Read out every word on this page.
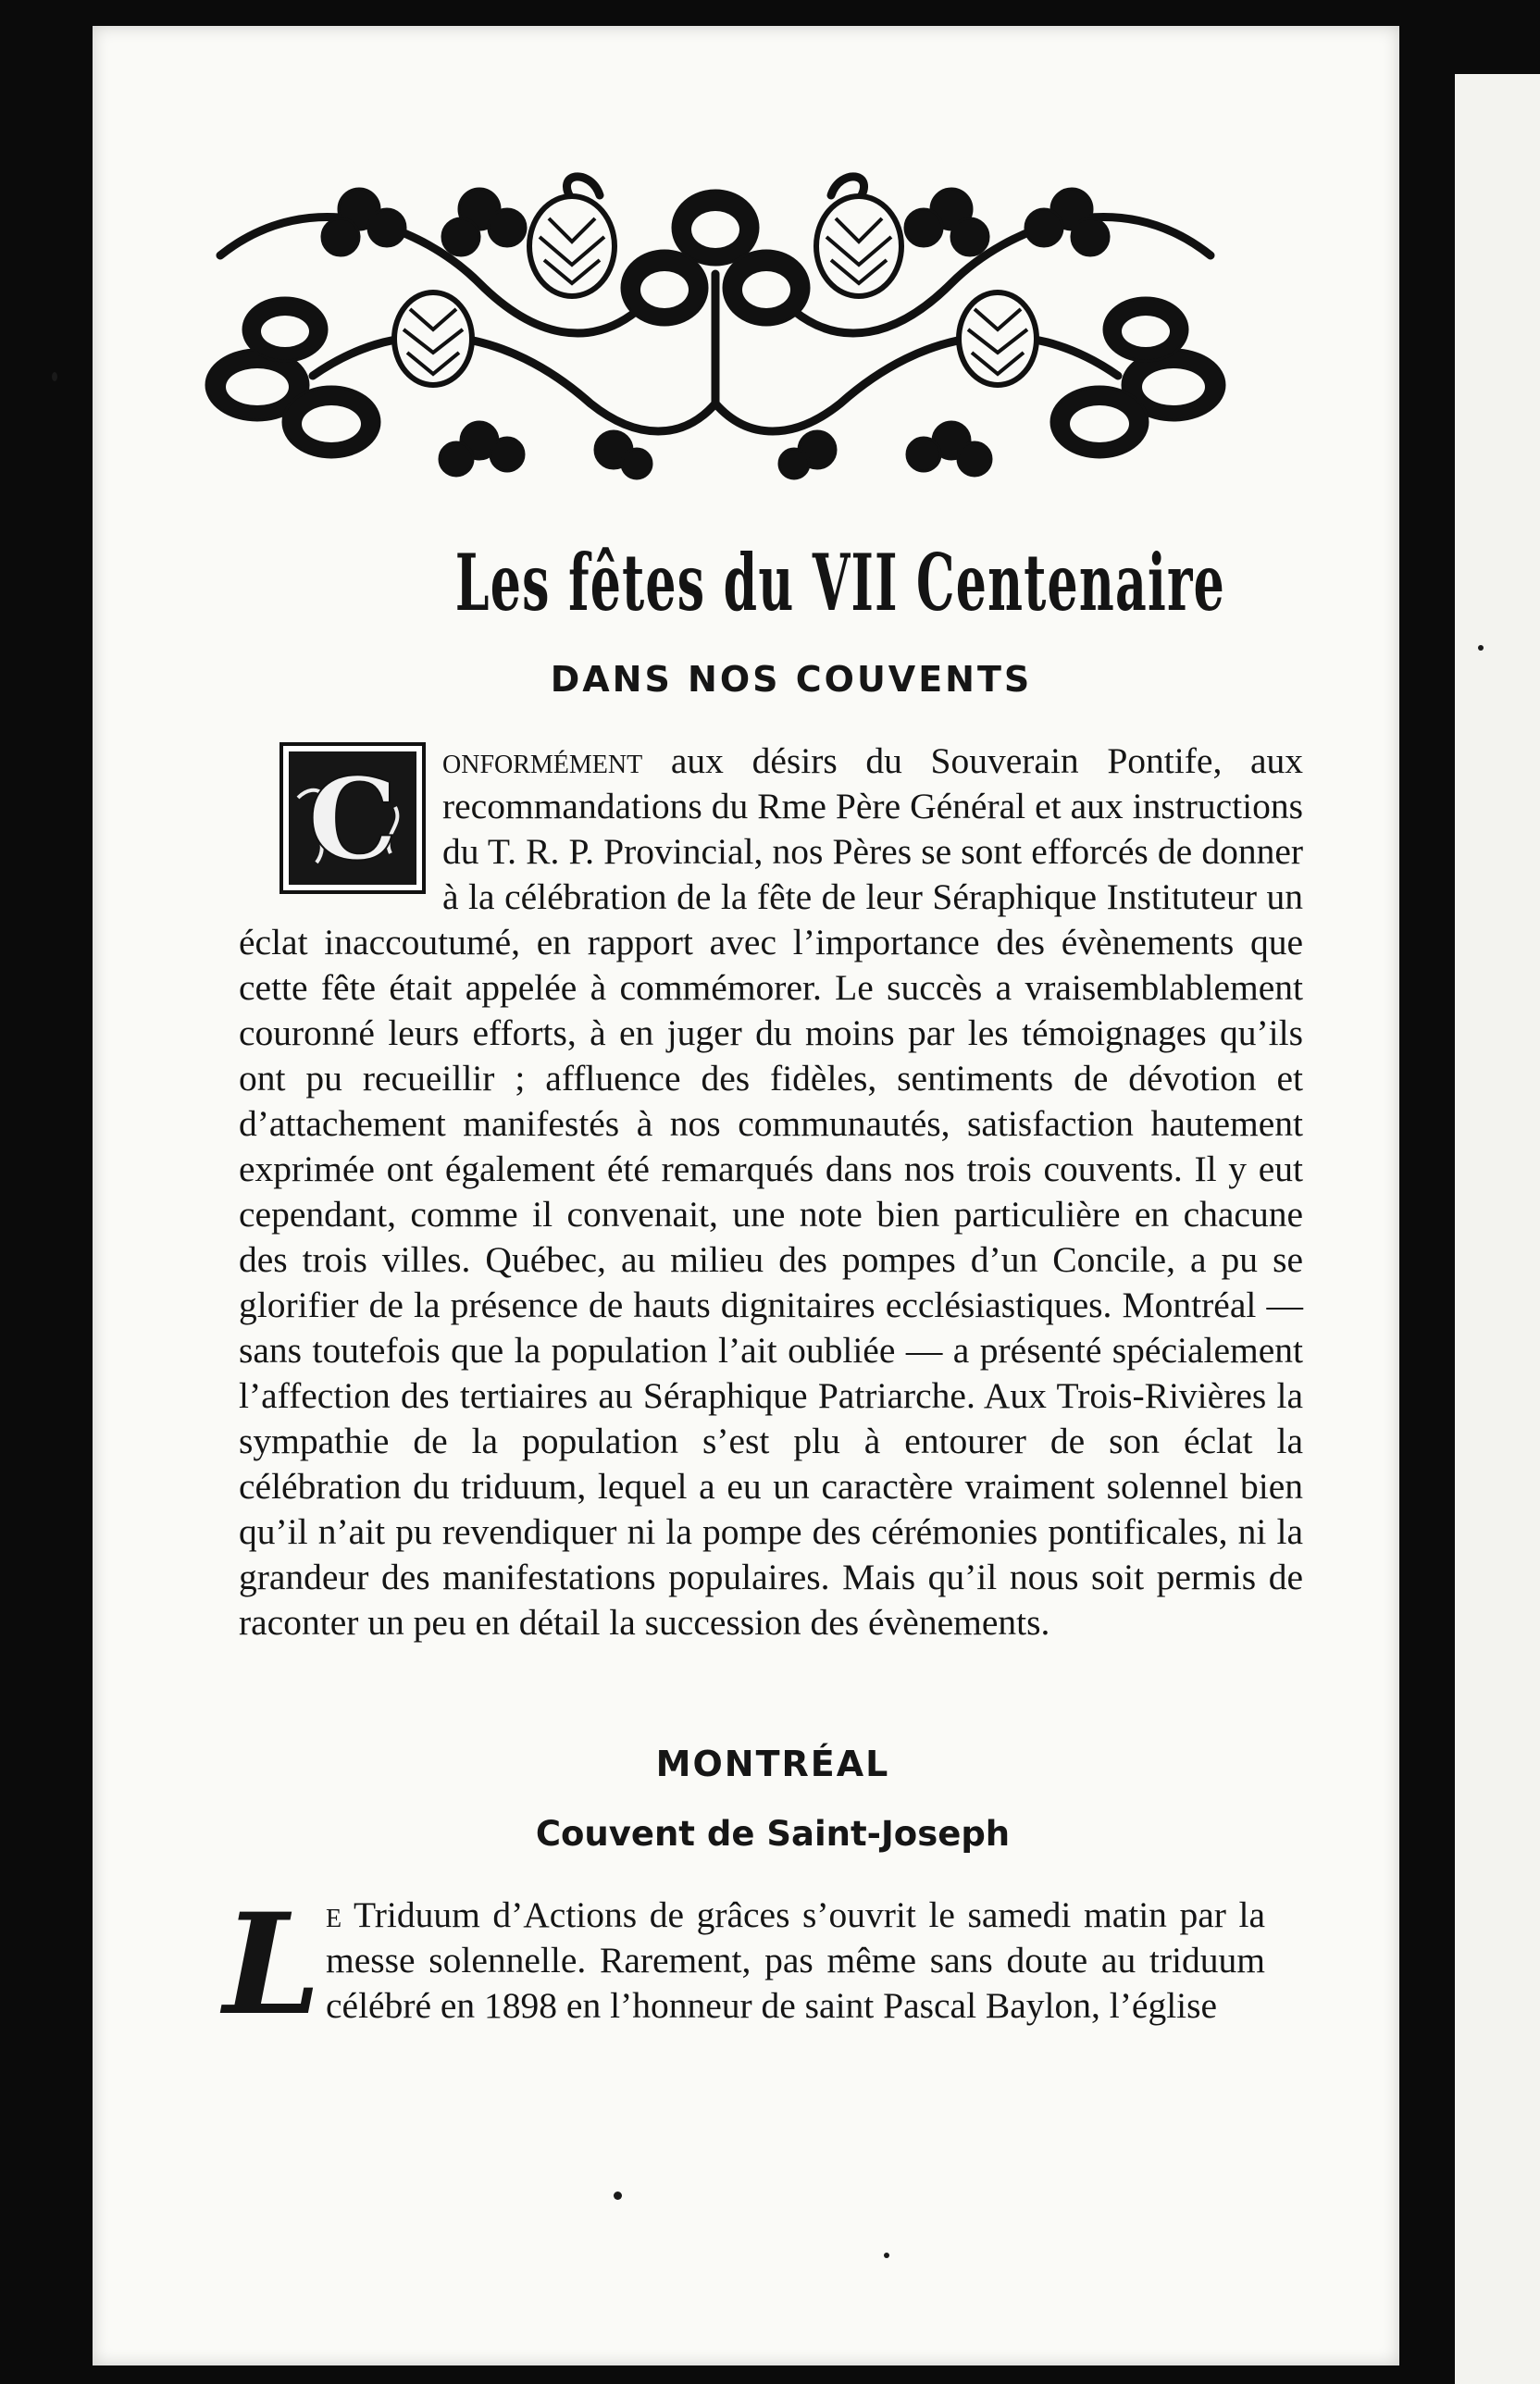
Les fêtes du VII Centenaire
DANS NOS COUVENTS
C onformément aux désirs du Souverain Pontife, aux recommandations du Rme Père Général et aux instructions du T. R. P. Provincial, nos Pères se sont efforcés de donner à la célébration de la fête de leur Séraphique Instituteur un éclat inaccoutumé, en rapport avec l’importance des évènements que cette fête était appelée à commémorer. Le succès a vraisemblablement couronné leurs efforts, à en juger du moins par les témoignages qu’ils ont pu recueillir ; affluence des fidèles, sentiments de dévotion et d’attachement manifestés à nos communautés, satisfaction hautement exprimée ont également été remarqués dans nos trois couvents. Il y eut cependant, comme il convenait, une note bien particulière en chacune des trois villes. Québec, au milieu des pompes d’un Concile, a pu se glorifier de la présence de hauts dignitaires ecclésiastiques. Montréal — sans toutefois que la population l’ait oubliée — a présenté spécialement l’affection des tertiaires au Séraphique Patriarche. Aux Trois-Rivières la sympathie de la population s’est plu à entourer de son éclat la célébration du triduum, lequel a eu un caractère vraiment solennel bien qu’il n’ait pu revendiquer ni la pompe des cérémonies pontificales, ni la grandeur des manifestations populaires. Mais qu’il nous soit permis de raconter un peu en détail la succession des évènements.
MONTRÉAL
Couvent de Saint-Joseph
L e Triduum d’Actions de grâces s’ouvrit le samedi matin par la messe solennelle. Rarement, pas même sans doute au triduum célébré en 1898 en l’honneur de saint Pascal Baylon, l’église
